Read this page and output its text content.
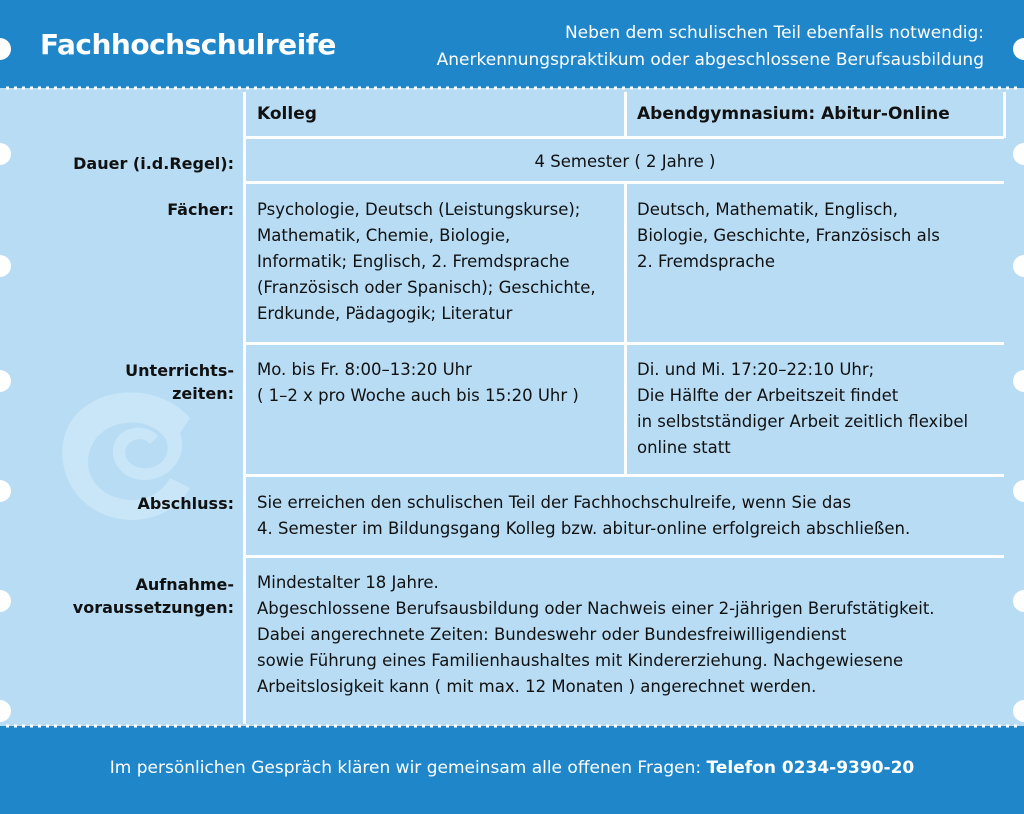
Fachhochschulreife	Neben dem schulischen Teil ebenfalls notwendig:
Anerkennungspraktikum oder abgeschlossene Berufsausbildung
Im persönlichen Gespräch klären wir gemeinsam alle offenen Fragen: Telefon 0234-9390-20
Kolleg	Abendgymnasium: Abitur-Online
Dauer (i.d.Regel):
Fächer:
Unterrichts-
zeiten:
Abschluss:
Aufnahme-
voraussetzungen:
4 Semester ( 2 Jahre )
Psychologie, Deutsch (Leistungskurse);
Mathematik, Chemie, Biologie,
Informatik; Englisch, 2. Fremdsprache
(Französisch oder Spanisch); Geschichte,
Erdkunde, Pädagogik; Literatur
Deutsch, Mathematik, Englisch,
Biologie, Geschichte, Französisch als
2. Fremdsprache
Mo. bis Fr. 8:00–13:20 Uhr
( 1–2 x pro Woche auch bis 15:20 Uhr )
Di. und Mi. 17:20–22:10 Uhr;
Die Hälfte der Arbeitszeit findet
in selbstständiger Arbeit zeitlich flexibel
online statt
Sie erreichen den schulischen Teil der Fachhochschulreife, wenn Sie das
4. Semester im Bildungsgang Kolleg bzw. abitur-online erfolgreich abschließen.
Mindestalter 18 Jahre.
Abgeschlossene Berufsausbildung oder Nachweis einer 2-jährigen Berufstätigkeit.
Dabei angerechnete Zeiten: Bundeswehr oder Bundesfreiwilligendienst
sowie Führung eines Familienhaushaltes mit Kindererziehung. Nachgewiesene
Arbeitslosigkeit kann ( mit max. 12 Monaten ) angerechnet werden.
